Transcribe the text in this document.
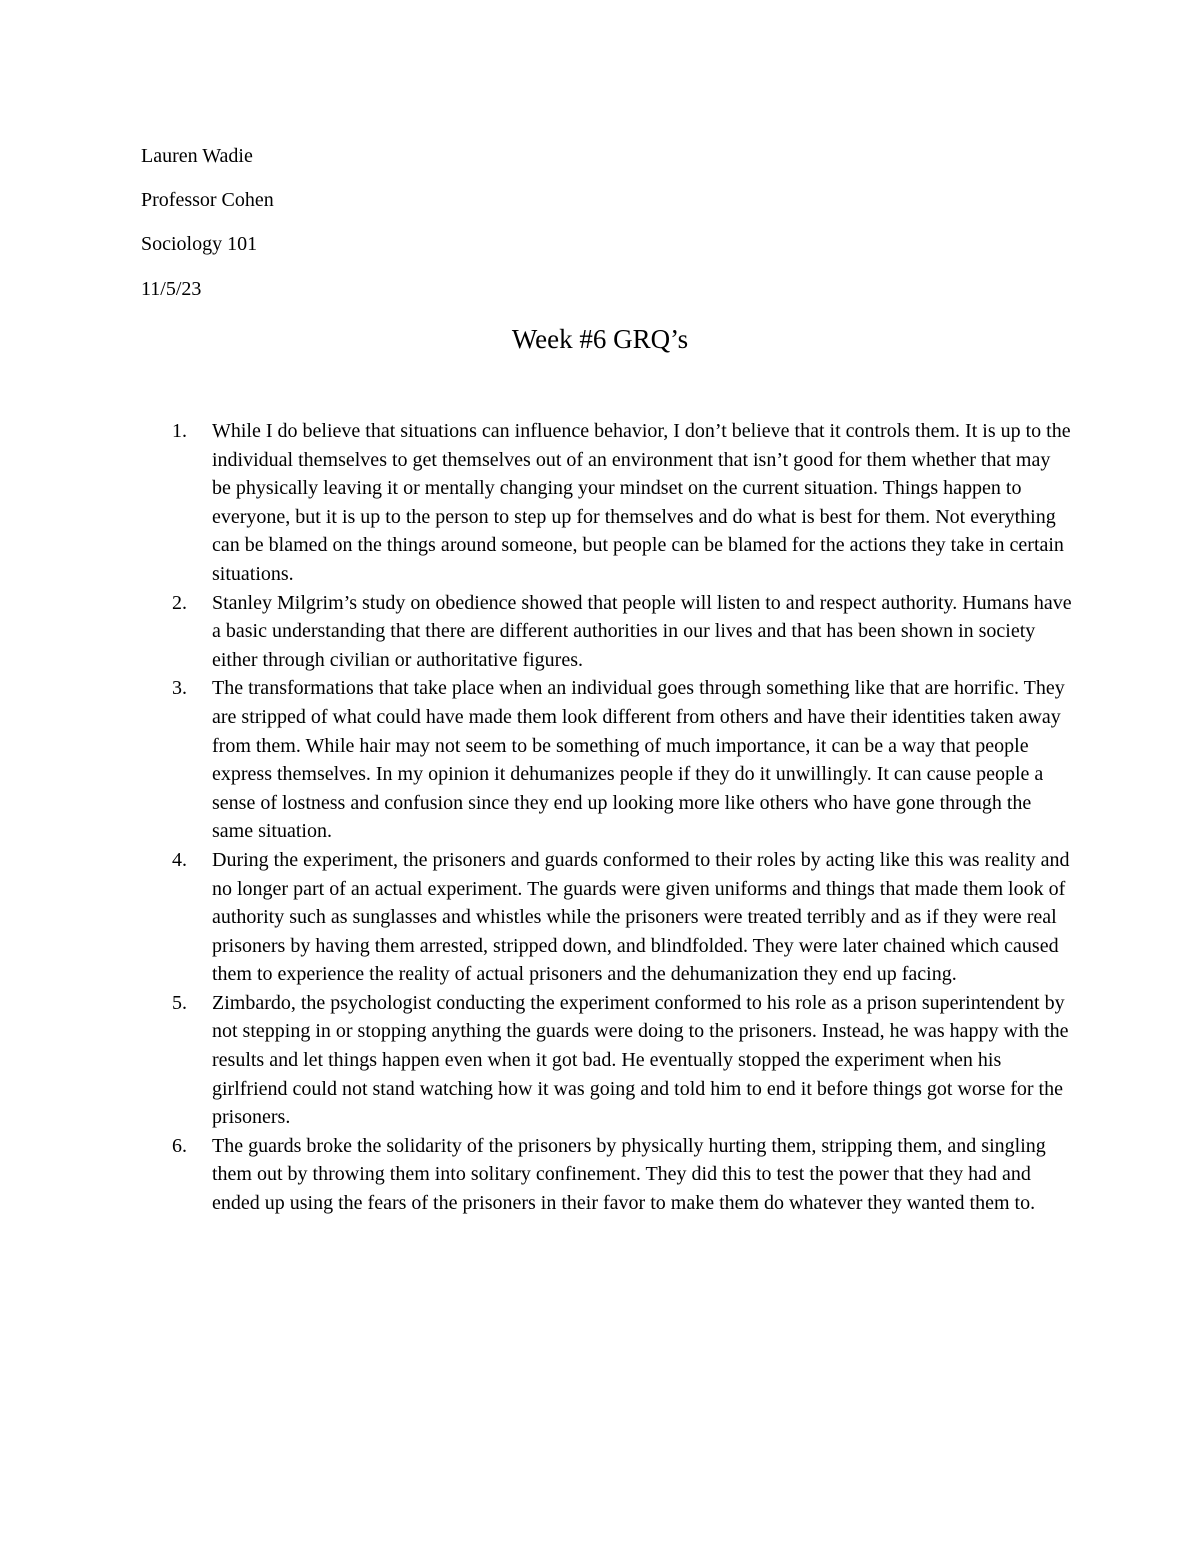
Lauren Wadie
Professor Cohen
Sociology 101
11/5/23
Week #6 GRQ’s
1.	While I do believe that situations can influence behavior, I don’t believe that it controls them. It is up to the individual themselves to get themselves out of an environment that isn’t good for them whether that may be physically leaving it or mentally changing your mindset on the current situation. Things happen to everyone, but it is up to the person to step up for themselves and do what is best for them. Not everything can be blamed on the things around someone, but people can be blamed for the actions they take in certain situations.
2.	Stanley Milgrim’s study on obedience showed that people will listen to and respect authority. Humans have a basic understanding that there are different authorities in our lives and that has been shown in society either through civilian or authoritative figures.
3.	The transformations that take place when an individual goes through something like that are horrific. They are stripped of what could have made them look different from others and have their identities taken away from them. While hair may not seem to be something of much importance, it can be a way that people express themselves. In my opinion it dehumanizes people if they do it unwillingly. It can cause people a sense of lostness and confusion since they end up looking more like others who have gone through the same situation.
4.	During the experiment, the prisoners and guards conformed to their roles by acting like this was reality and no longer part of an actual experiment. The guards were given uniforms and things that made them look of authority such as sunglasses and whistles while the prisoners were treated terribly and as if they were real prisoners by having them arrested, stripped down, and blindfolded. They were later chained which caused them to experience the reality of actual prisoners and the dehumanization they end up facing.
5.	Zimbardo, the psychologist conducting the experiment conformed to his role as a prison superintendent by not stepping in or stopping anything the guards were doing to the prisoners. Instead, he was happy with the results and let things happen even when it got bad. He eventually stopped the experiment when his girlfriend could not stand watching how it was going and told him to end it before things got worse for the prisoners.
6.	The guards broke the solidarity of the prisoners by physically hurting them, stripping them, and singling them out by throwing them into solitary confinement. They did this to test the power that they had and ended up using the fears of the prisoners in their favor to make them do whatever they wanted them to.
